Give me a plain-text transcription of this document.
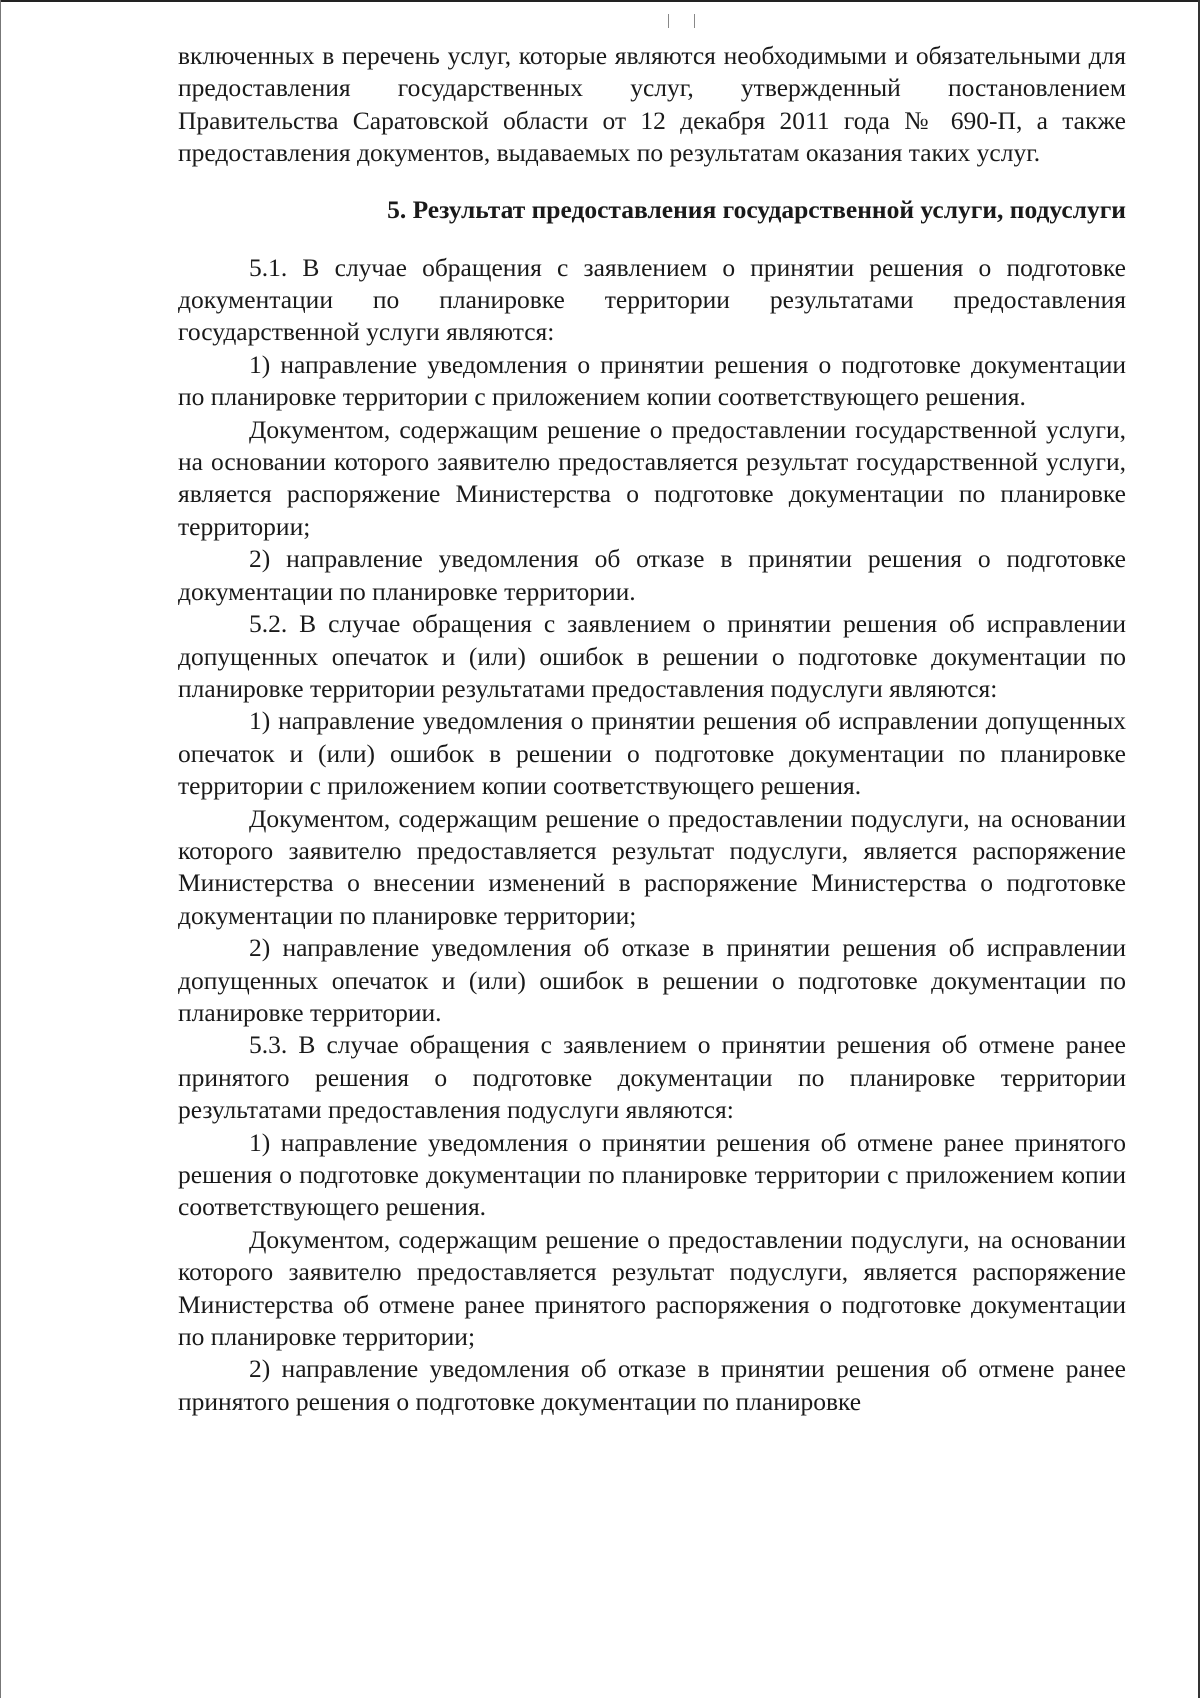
включенных в перечень услуг, которые являются необходимыми и обязательными для предоставления государственных услуг, утвержденный постановлением Правительства Саратовской области от 12 декабря 2011 года № 690-П, а также предоставления документов, выдаваемых по результатам оказания таких услуг.

5. Результат предоставления государственной услуги, подуслуги

5.1. В случае обращения с заявлением о принятии решения о подготовке документации по планировке территории результатами предоставления государственной услуги являются:

1) направление уведомления о принятии решения о подготовке документации по планировке территории с приложением копии соответствующего решения.

Документом, содержащим решение о предоставлении государственной услуги, на основании которого заявителю предоставляется результат государственной услуги, является распоряжение Министерства о подготовке документации по планировке территории;

2) направление уведомления об отказе в принятии решения о подготовке документации по планировке территории.

5.2. В случае обращения с заявлением о принятии решения об исправлении допущенных опечаток и (или) ошибок в решении о подготовке документации по планировке территории результатами предоставления подуслуги являются:

1) направление уведомления о принятии решения об исправлении допущенных опечаток и (или) ошибок в решении о подготовке документации по планировке территории с приложением копии соответствующего решения.

Документом, содержащим решение о предоставлении подуслуги, на основании которого заявителю предоставляется результат подуслуги, является распоряжение Министерства о внесении изменений в распоряжение Министерства о подготовке документации по планировке территории;

2) направление уведомления об отказе в принятии решения об исправлении допущенных опечаток и (или) ошибок в решении о подготовке документации по планировке территории.

5.3. В случае обращения с заявлением о принятии решения об отмене ранее принятого решения о подготовке документации по планировке территории результатами предоставления подуслуги являются:

1) направление уведомления о принятии решения об отмене ранее принятого решения о подготовке документации по планировке территории с приложением копии соответствующего решения.

Документом, содержащим решение о предоставлении подуслуги, на основании которого заявителю предоставляется результат подуслуги, является распоряжение Министерства об отмене ранее принятого распоряжения о подготовке документации по планировке территории;

2) направление уведомления об отказе в принятии решения об отмене ранее принятого решения о подготовке документации по планировке
